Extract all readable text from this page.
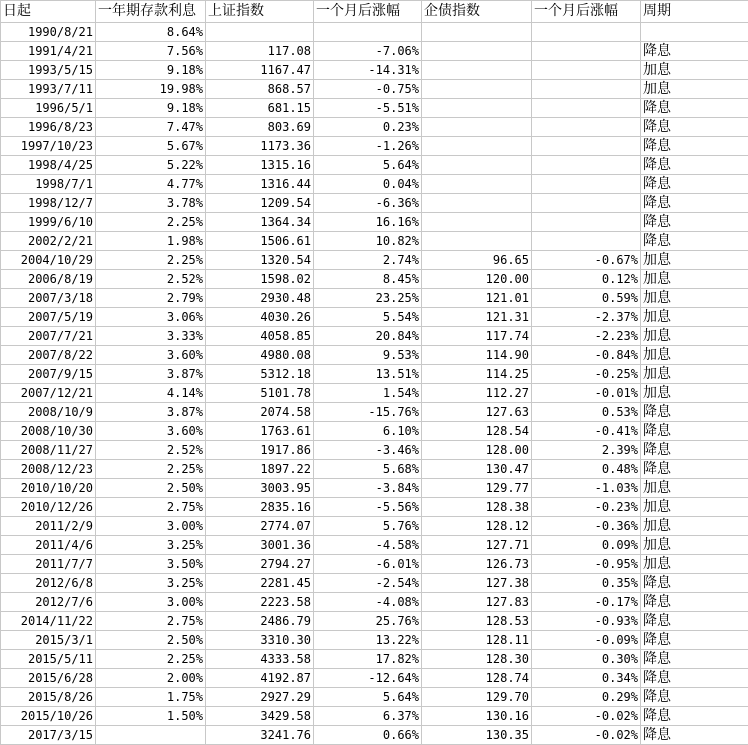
日起	一年期存款利息	上证指数	一个月后涨幅	企债指数	一个月后涨幅	周期
1990/8/21	8.64%					
1991/4/21	7.56%	117.08	-7.06%			降息
1993/5/15	9.18%	1167.47	-14.31%			加息
1993/7/11	19.98%	868.57	-0.75%			加息
1996/5/1	9.18%	681.15	-5.51%			降息
1996/8/23	7.47%	803.69	0.23%			降息
1997/10/23	5.67%	1173.36	-1.26%			降息
1998/4/25	5.22%	1315.16	5.64%			降息
1998/7/1	4.77%	1316.44	0.04%			降息
1998/12/7	3.78%	1209.54	-6.36%			降息
1999/6/10	2.25%	1364.34	16.16%			降息
2002/2/21	1.98%	1506.61	10.82%			降息
2004/10/29	2.25%	1320.54	2.74%	96.65	-0.67%	加息
2006/8/19	2.52%	1598.02	8.45%	120.00	0.12%	加息
2007/3/18	2.79%	2930.48	23.25%	121.01	0.59%	加息
2007/5/19	3.06%	4030.26	5.54%	121.31	-2.37%	加息
2007/7/21	3.33%	4058.85	20.84%	117.74	-2.23%	加息
2007/8/22	3.60%	4980.08	9.53%	114.90	-0.84%	加息
2007/9/15	3.87%	5312.18	13.51%	114.25	-0.25%	加息
2007/12/21	4.14%	5101.78	1.54%	112.27	-0.01%	加息
2008/10/9	3.87%	2074.58	-15.76%	127.63	0.53%	降息
2008/10/30	3.60%	1763.61	6.10%	128.54	-0.41%	降息
2008/11/27	2.52%	1917.86	-3.46%	128.00	2.39%	降息
2008/12/23	2.25%	1897.22	5.68%	130.47	0.48%	降息
2010/10/20	2.50%	3003.95	-3.84%	129.77	-1.03%	加息
2010/12/26	2.75%	2835.16	-5.56%	128.38	-0.23%	加息
2011/2/9	3.00%	2774.07	5.76%	128.12	-0.36%	加息
2011/4/6	3.25%	3001.36	-4.58%	127.71	0.09%	加息
2011/7/7	3.50%	2794.27	-6.01%	126.73	-0.95%	加息
2012/6/8	3.25%	2281.45	-2.54%	127.38	0.35%	降息
2012/7/6	3.00%	2223.58	-4.08%	127.83	-0.17%	降息
2014/11/22	2.75%	2486.79	25.76%	128.53	-0.93%	降息
2015/3/1	2.50%	3310.30	13.22%	128.11	-0.09%	降息
2015/5/11	2.25%	4333.58	17.82%	128.30	0.30%	降息
2015/6/28	2.00%	4192.87	-12.64%	128.74	0.34%	降息
2015/8/26	1.75%	2927.29	5.64%	129.70	0.29%	降息
2015/10/26	1.50%	3429.58	6.37%	130.16	-0.02%	降息
2017/3/15		3241.76	0.66%	130.35	-0.02%	降息
